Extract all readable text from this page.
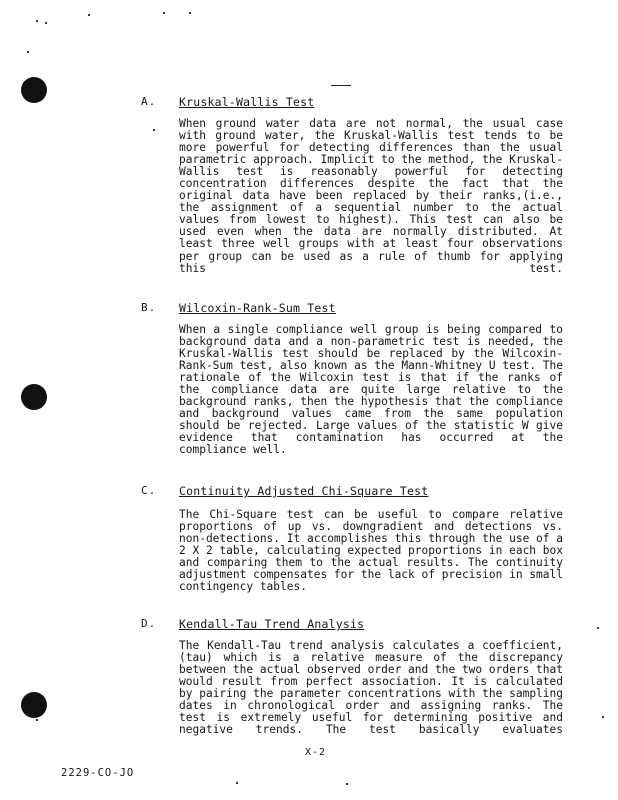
A. Kruskal-Wallis Test
When ground water data are not normal, the usual case with ground water, the Kruskal-Wallis test tends to be more powerful for detecting differences than the usual parametric approach. Implicit to the method, the Kruskal-Wallis test is reasonably powerful for detecting concentration differences despite the fact that the original data have been replaced by their ranks,(i.e., the assignment of a sequential number to the actual values from lowest to highest). This test can also be used even when the data are normally distributed. At least three well groups with at least four observations per group can be used as a rule of thumb for applying this test.
B. Wilcoxin-Rank-Sum Test
When a single compliance well group is being compared to background data and a non-parametric test is needed, the Kruskal-Wallis test should be replaced by the Wilcoxin-Rank-Sum test, also known as the Mann-Whitney U test. The rationale of the Wilcoxin test is that if the ranks of the compliance data are quite large relative to the background ranks, then the hypothesis that the compliance and background values came from the same population should be rejected. Large values of the statistic W give evidence that contamination has occurred at the compliance well.
C. Continuity Adjusted Chi-Square Test
The Chi-Square test can be useful to compare relative proportions of up vs. downgradient and detections vs. non-detections. It accomplishes this through the use of a 2 X 2 table, calculating expected proportions in each box and comparing them to the actual results. The continuity adjustment compensates for the lack of precision in small contingency tables.
D. Kendall-Tau Trend Analysis
The Kendall-Tau trend analysis calculates a coefficient, (tau) which is a relative measure of the discrepancy between the actual observed order and the two orders that would result from perfect association. It is calculated by pairing the parameter concentrations with the sampling dates in chronological order and assigning ranks. The test is extremely useful for determining positive and negative trends. The test basically evaluates
X-2
2229-CO-JO
